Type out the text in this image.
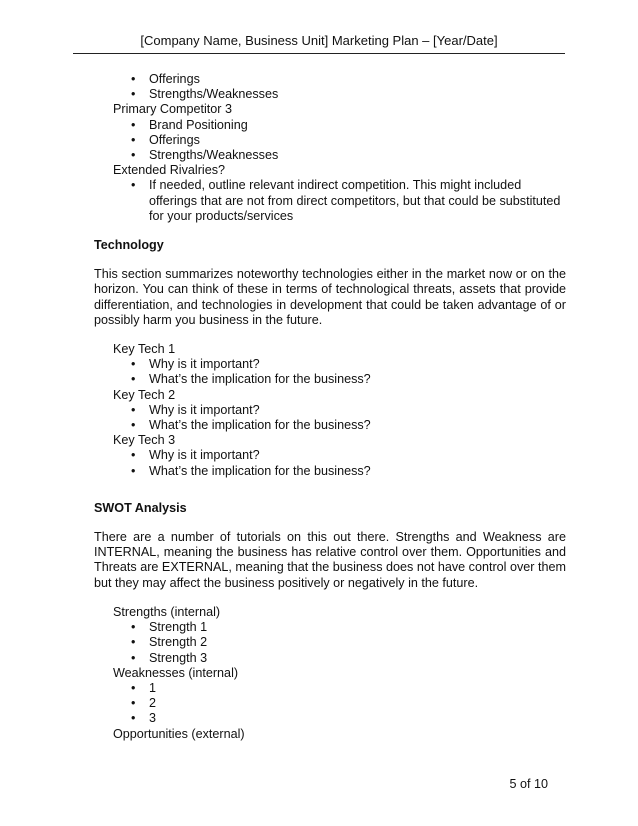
[Company Name, Business Unit] Marketing Plan – [Year/Date]
• Offerings
• Strengths/Weaknesses
Primary Competitor 3
• Brand Positioning
• Offerings
• Strengths/Weaknesses
Extended Rivalries?
• If needed, outline relevant indirect competition. This might included offerings that are not from direct competitors, but that could be substituted for your products/services
Technology

This section summarizes noteworthy technologies either in the market now or on the horizon. You can think of these in terms of technological threats, assets that provide differentiation, and technologies in development that could be taken advantage of or possibly harm you business in the future.

Key Tech 1
• Why is it important?
• What’s the implication for the business?
Key Tech 2
• Why is it important?
• What’s the implication for the business?
Key Tech 3
• Why is it important?
• What’s the implication for the business?
SWOT Analysis

There are a number of tutorials on this out there. Strengths and Weakness are INTERNAL, meaning the business has relative control over them. Opportunities and Threats are EXTERNAL, meaning that the business does not have control over them but they may affect the business positively or negatively in the future.

Strengths (internal)
• Strength 1
• Strength 2
• Strength 3
Weaknesses (internal)
• 1
• 2
• 3
Opportunities (external)
5 of 10
